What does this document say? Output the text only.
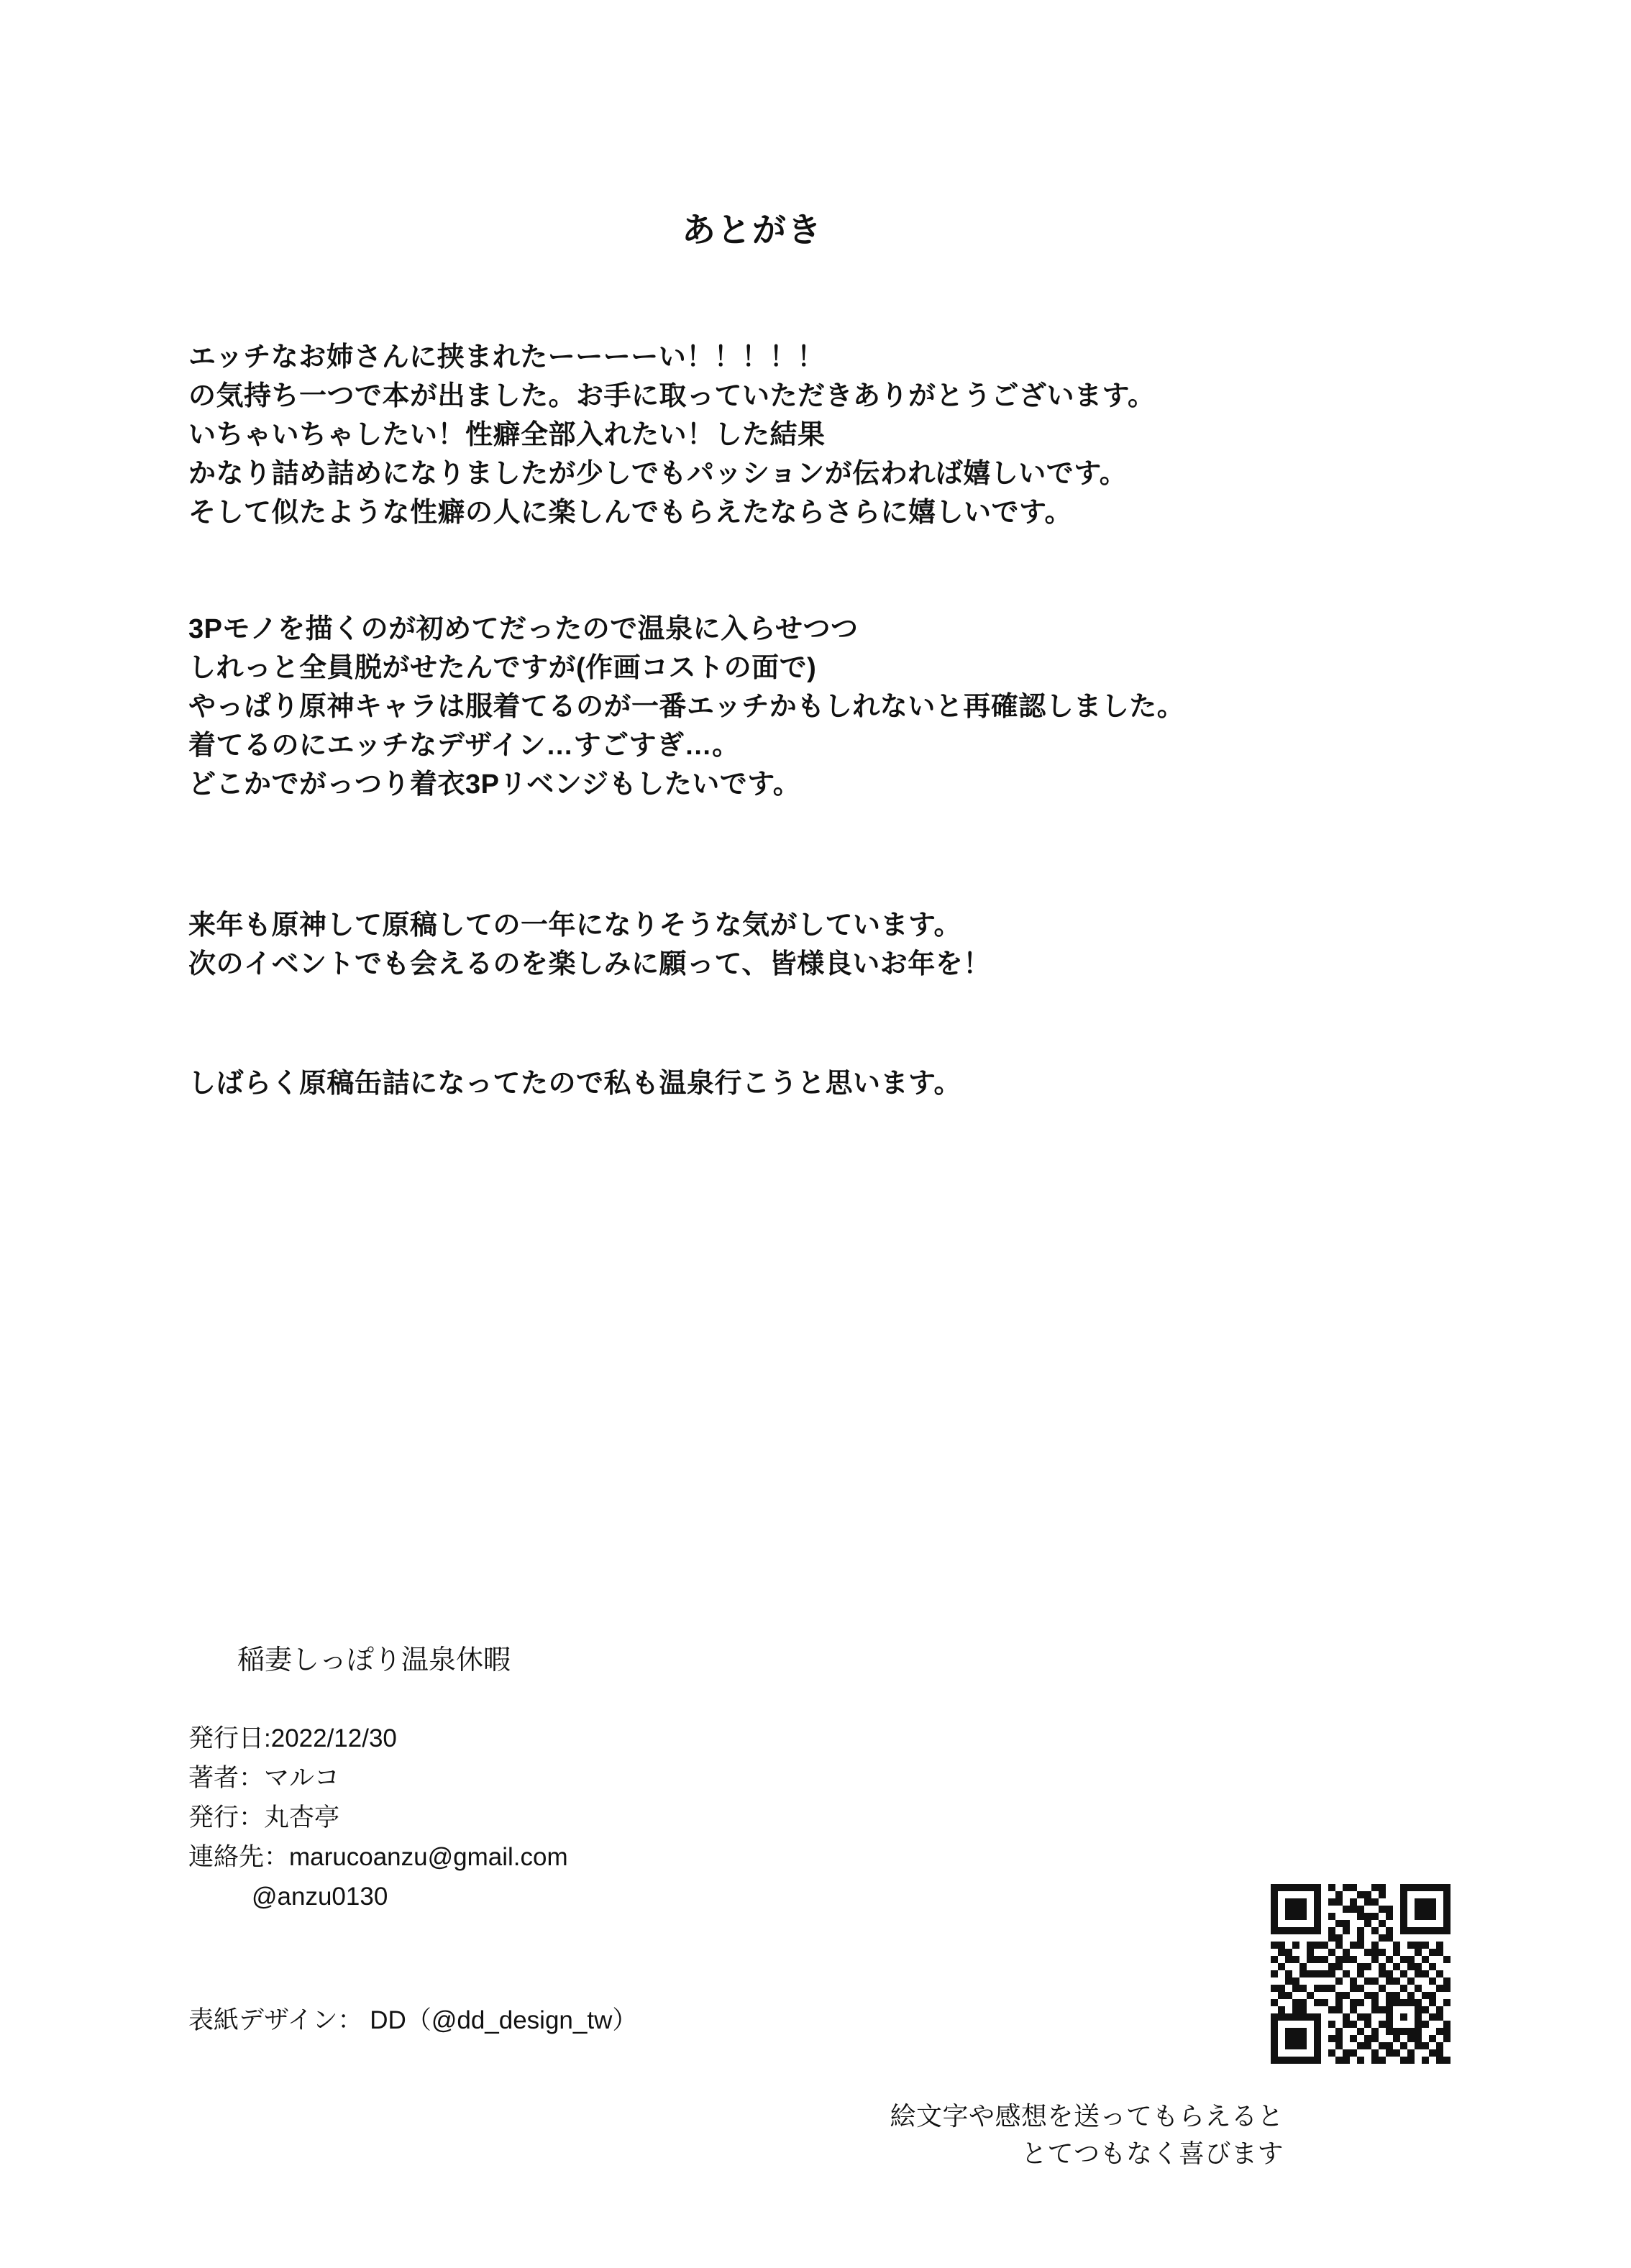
あとがき
エッチなお姉さんに挟まれたーーーーい！！！！！
の気持ち一つで本が出ました。お手に取っていただきありがとうございます。
いちゃいちゃしたい！性癖全部入れたい！した結果
かなり詰め詰めになりましたが少しでもパッションが伝われば嬉しいです。
そして似たような性癖の人に楽しんでもらえたならさらに嬉しいです。
3Pモノを描くのが初めてだったので温泉に入らせつつ
しれっと全員脱がせたんですが(作画コストの面で)
やっぱり原神キャラは服着てるのが一番エッチかもしれないと再確認しました。
着てるのにエッチなデザイン…すごすぎ…。
どこかでがっつり着衣3Pリベンジもしたいです。
来年も原神して原稿しての一年になりそうな気がしています。
次のイベントでも会えるのを楽しみに願って、皆様良いお年を！
しばらく原稿缶詰になってたので私も温泉行こうと思います。
稲妻しっぽり温泉休暇
発行日:2022/12/30
著者：マルコ
発行：丸杏亭
連絡先：marucoanzu@gmail.com
@anzu0130
表紙デザイン： DD（@dd_design_tw）
絵文字や感想を送ってもらえると
とてつもなく喜びます
